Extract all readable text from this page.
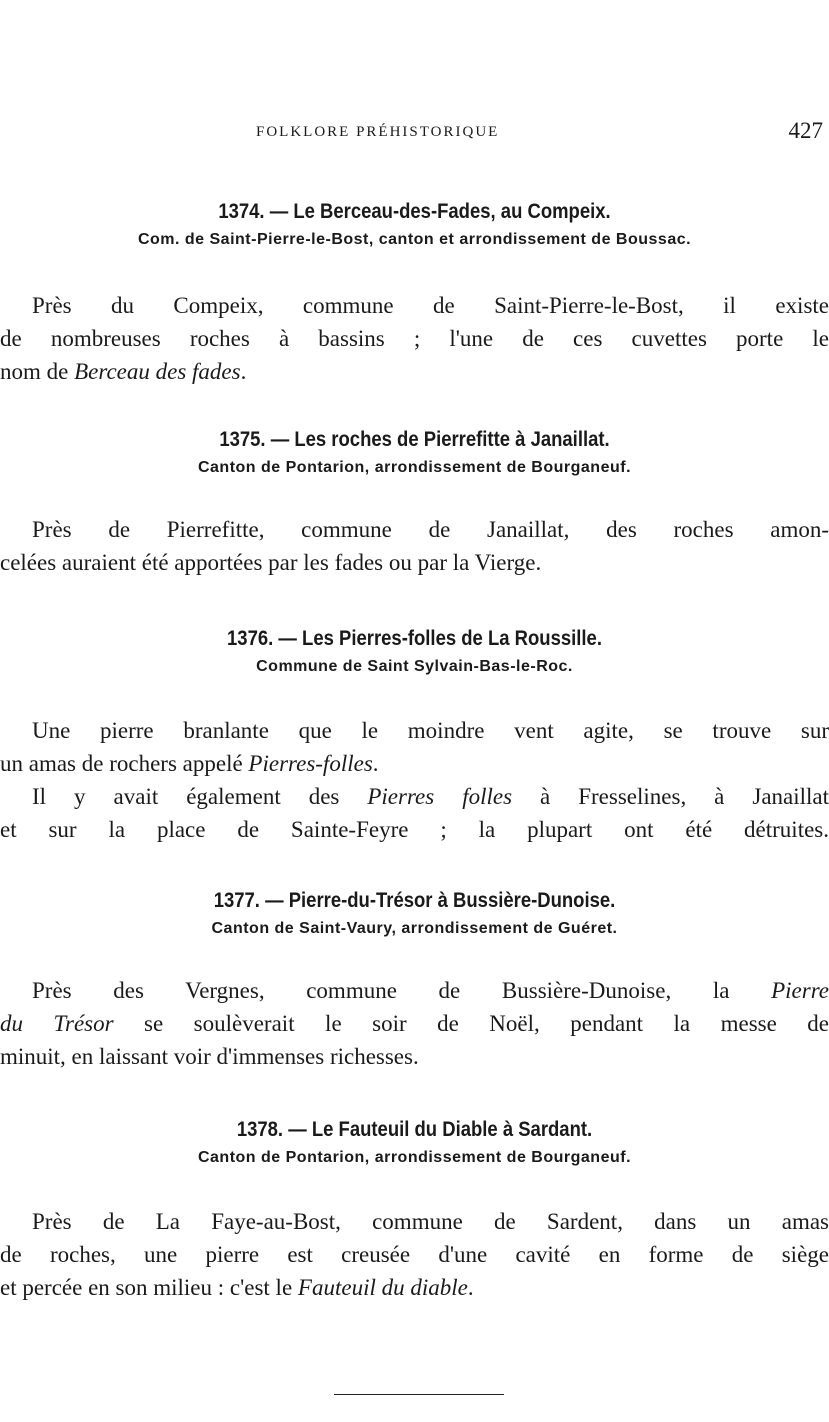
FOLKLORE PRÉHISTORIQUE	427
1374. — Le Berceau-des-Fades, au Compeix.
Com. de Saint-Pierre-le-Bost, canton et arrondissement de Boussac.

Près du Compeix, commune de Saint-Pierre-le-Bost, il existe
de nombreuses roches à bassins ; l'une de ces cuvettes porte le
nom de Berceau des fades.

1375. — Les roches de Pierrefitte à Janaillat.
Canton de Pontarion, arrondissement de Bourganeuf.

Près de Pierrefitte, commune de Janaillat, des roches amon-
celées auraient été apportées par les fades ou par la Vierge.

1376. — Les Pierres-folles de La Roussille.
Commune de Saint Sylvain-Bas-le-Roc.

Une pierre branlante que le moindre vent agite, se trouve sur
un amas de rochers appelé Pierres-folles.

Il y avait également des Pierres folles à Fresselines, à Janaillat
et sur la place de Sainte-Feyre ; la plupart ont été détruites.

1377. — Pierre-du-Trésor à Bussière-Dunoise.
Canton de Saint-Vaury, arrondissement de Guéret.

Près des Vergnes, commune de Bussière-Dunoise, la Pierre
du Trésor se soulèverait le soir de Noël, pendant la messe de
minuit, en laissant voir d'immenses richesses.

1378. — Le Fauteuil du Diable à Sardant.
Canton de Pontarion, arrondissement de Bourganeuf.

Près de La Faye-au-Bost, commune de Sardent, dans un amas
de roches, une pierre est creusée d'une cavité en forme de siège
et percée en son milieu : c'est le Fauteuil du diable.
